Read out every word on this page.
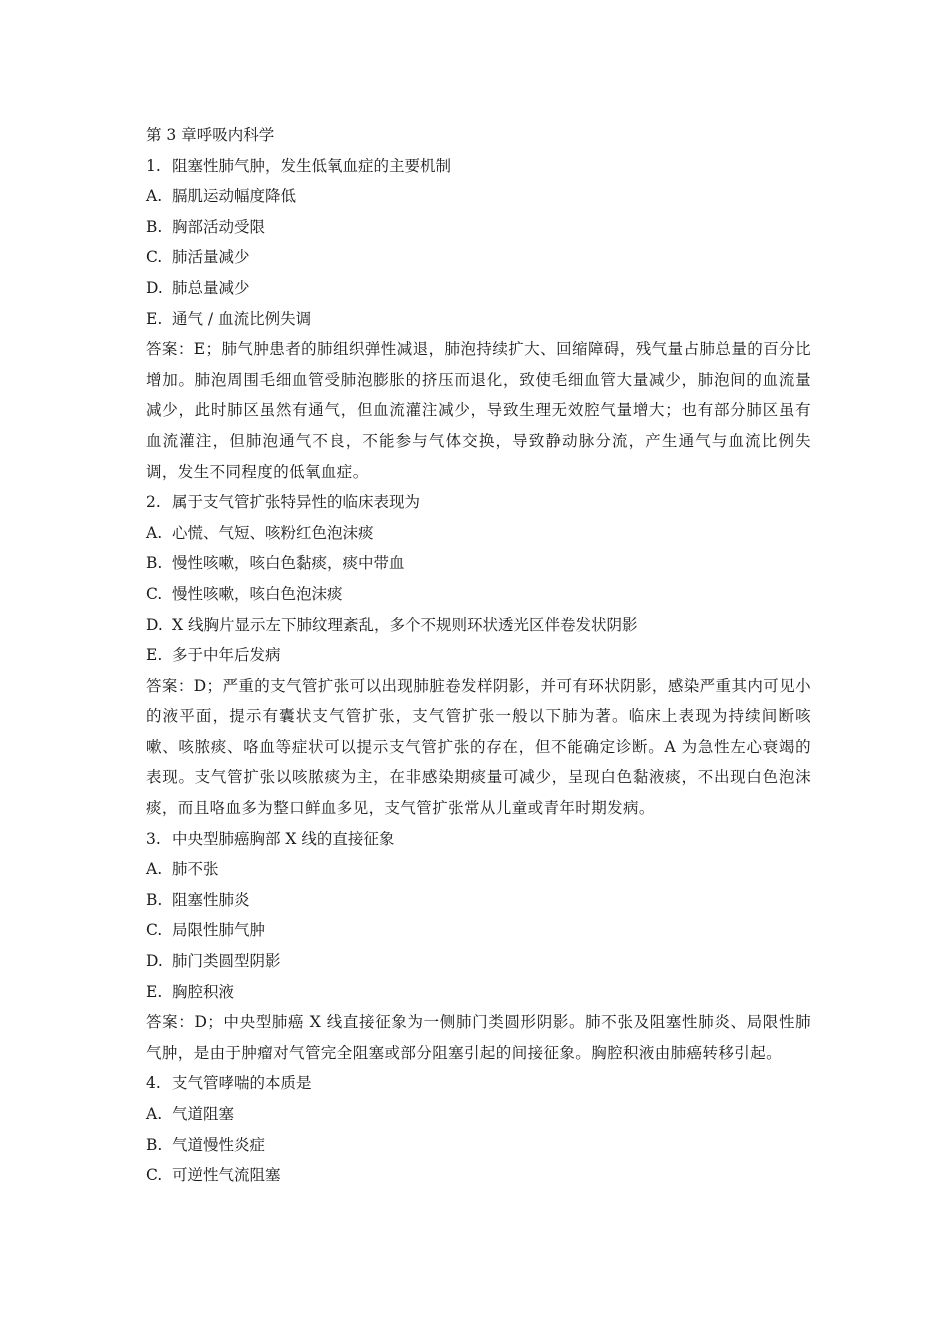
第 3 章呼吸内科学
1. 阻塞性肺气肿，发生低氧血症的主要机制
A. 膈肌运动幅度降低
B. 胸部活动受限
C. 肺活量减少
D. 肺总量减少
E. 通气 / 血流比例失调
答案：E；肺气肿患者的肺组织弹性减退，肺泡持续扩大、回缩障碍，残气量占肺总量的百分比增加。肺泡周围毛细血管受肺泡膨胀的挤压而退化，致使毛细血管大量减少，肺泡间的血流量减少，此时肺区虽然有通气，但血流灌注减少，导致生理无效腔气量增大；也有部分肺区虽有血流灌注，但肺泡通气不良，不能参与气体交换，导致静动脉分流，产生通气与血流比例失调，发生不同程度的低氧血症。
2. 属于支气管扩张特异性的临床表现为
A. 心慌、气短、咳粉红色泡沫痰
B. 慢性咳嗽，咳白色黏痰，痰中带血
C. 慢性咳嗽，咳白色泡沫痰
D. X 线胸片显示左下肺纹理紊乱，多个不规则环状透光区伴卷发状阴影
E. 多于中年后发病
答案：D；严重的支气管扩张可以出现肺脏卷发样阴影，并可有环状阴影，感染严重其内可见小的液平面，提示有囊状支气管扩张，支气管扩张一般以下肺为著。临床上表现为持续间断咳嗽、咳脓痰、咯血等症状可以提示支气管扩张的存在，但不能确定诊断。A 为急性左心衰竭的表现。支气管扩张以咳脓痰为主，在非感染期痰量可减少，呈现白色黏液痰，不出现白色泡沫痰，而且咯血多为整口鲜血多见，支气管扩张常从儿童或青年时期发病。
3. 中央型肺癌胸部 X 线的直接征象
A. 肺不张
B. 阻塞性肺炎
C. 局限性肺气肿
D. 肺门类圆型阴影
E. 胸腔积液
答案：D；中央型肺癌 X 线直接征象为一侧肺门类圆形阴影。肺不张及阻塞性肺炎、局限性肺气肿，是由于肿瘤对气管完全阻塞或部分阻塞引起的间接征象。胸腔积液由肺癌转移引起。
4. 支气管哮喘的本质是
A. 气道阻塞
B. 气道慢性炎症
C. 可逆性气流阻塞
